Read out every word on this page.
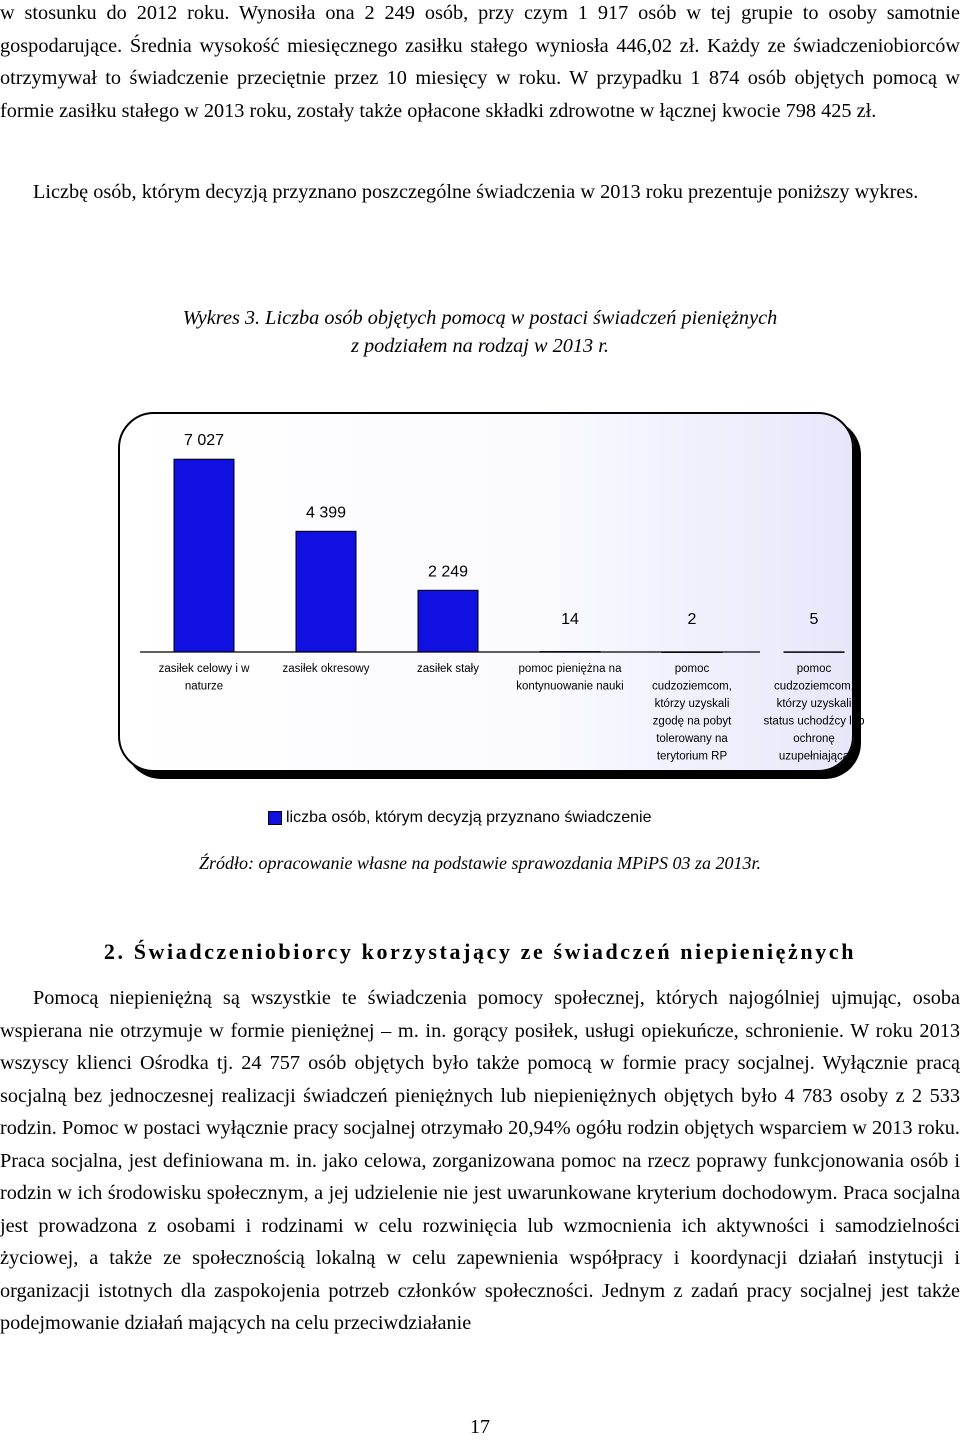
w stosunku do 2012 roku. Wynosiła ona 2 249 osób, przy czym 1 917 osób w tej grupie to osoby samotnie gospodarujące. Średnia wysokość miesięcznego zasiłku stałego wyniosła 446,02 zł. Każdy ze świadczeniobiorców otrzymywał to świadczenie przeciętnie przez 10 miesięcy w roku. W przypadku 1 874 osób objętych pomocą w formie zasiłku stałego w 2013 roku, zostały także opłacone składki zdrowotne w łącznej kwocie 798 425 zł.

Liczbę osób, którym decyzją przyznano poszczególne świadczenia w 2013 roku prezentuje poniższy wykres.

Wykres 3. Liczba osób objętych pomocą w postaci świadczeń pieniężnych z podziałem na rodzaj w 2013 r.

7 027
4 399
2 249
14	2	5
zasiłek celowy i w
naturze
zasiłek okresowy	zasiłek stały	pomoc pieniężna na
kontynuowanie nauki
pomoc
cudzoziemcom,
którzy uzyskali
zgodę na pobyt
tolerowany na
terytorium RP
pomoc
cudzoziemcom,
którzy uzyskali
status uchodźcy lub
ochronę
uzupełniającą
liczba osób, którym decyzją przyznano świadczenie

Źródło: opracowanie własne na podstawie sprawozdania MPiPS 03 za 2013r.

2. Świadczeniobiorcy korzystający ze świadczeń niepieniężnych

Pomocą niepieniężną są wszystkie te świadczenia pomocy społecznej, których najogólniej ujmując, osoba wspierana nie otrzymuje w formie pieniężnej – m. in. gorący posiłek, usługi opiekuńcze, schronienie. W roku 2013 wszyscy klienci Ośrodka tj. 24 757 osób objętych było także pomocą w formie pracy socjalnej. Wyłącznie pracą socjalną bez jednoczesnej realizacji świadczeń pieniężnych lub niepieniężnych objętych było 4 783 osoby z 2 533 rodzin. Pomoc w postaci wyłącznie pracy socjalnej otrzymało 20,94% ogółu rodzin objętych wsparciem w 2013 roku. Praca socjalna, jest definiowana m. in. jako celowa, zorganizowana pomoc na rzecz poprawy funkcjonowania osób i rodzin w ich środowisku społecznym, a jej udzielenie nie jest uwarunkowane kryterium dochodowym. Praca socjalna jest prowadzona z osobami i rodzinami w celu rozwinięcia lub wzmocnienia ich aktywności i samodzielności życiowej, a także ze społecznością lokalną w celu zapewnienia współpracy i koordynacji działań instytucji i organizacji istotnych dla zaspokojenia potrzeb członków społeczności. Jednym z zadań pracy socjalnej jest także podejmowanie działań mających na celu przeciwdziałanie

17
